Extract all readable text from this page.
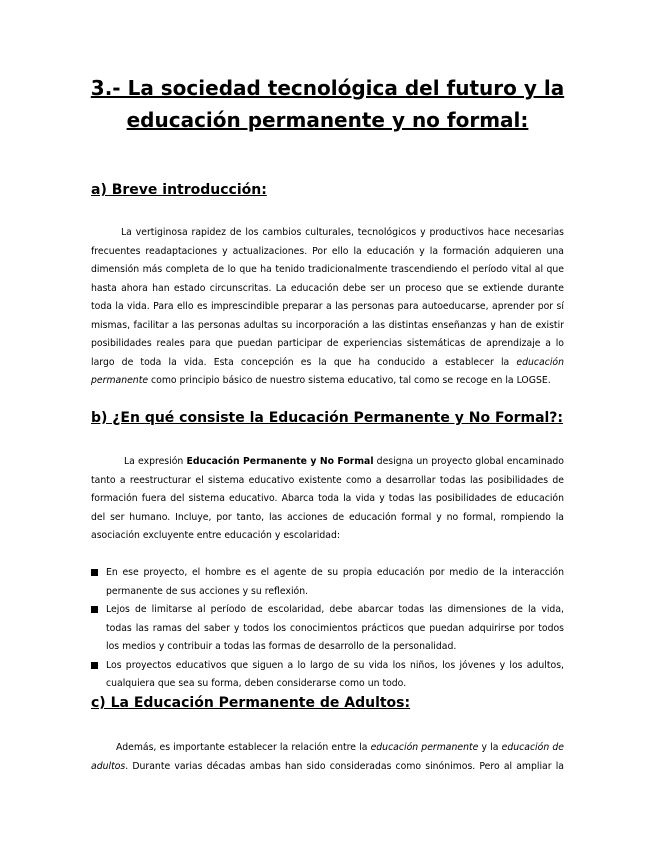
3.- La sociedad tecnológica del futuro y la
educación permanente y no formal:
a) Breve introducción:
La vertiginosa rapidez de los cambios culturales, tecnológicos y productivos hace necesarias
frecuentes readaptaciones y actualizaciones. Por ello la educación y la formación adquieren una
dimensión más completa de lo que ha tenido tradicionalmente trascendiendo el período vital al que
hasta ahora han estado circunscritas. La educación debe ser un proceso que se extiende durante
toda la vida. Para ello es imprescindible preparar a las personas para autoeducarse, aprender por sí
mismas, facilitar a las personas adultas su incorporación a las distintas enseñanzas y han de existir
posibilidades reales para que puedan participar de experiencias sistemáticas de aprendizaje a lo
largo de toda la vida. Esta concepción es la que ha conducido a establecer la educación
permanente como principio básico de nuestro sistema educativo, tal como se recoge en la LOGSE.
b) ¿En qué consiste la Educación Permanente y No Formal?:
La expresión Educación Permanente y No Formal designa un proyecto global encaminado
tanto a reestructurar el sistema educativo existente como a desarrollar todas las posibilidades de
formación fuera del sistema educativo. Abarca toda la vida y todas las posibilidades de educación
del ser humano. Incluye, por tanto, las acciones de educación formal y no formal, rompiendo la
asociación excluyente entre educación y escolaridad:
En ese proyecto, el hombre es el agente de su propia educación por medio de la interacción
permanente de sus acciones y su reflexión.
Lejos de limitarse al período de escolaridad, debe abarcar todas las dimensiones de la vida,
todas las ramas del saber y todos los conocimientos prácticos que puedan adquirirse por todos
los medios y contribuir a todas las formas de desarrollo de la personalidad.
Los proyectos educativos que siguen a lo largo de su vida los niños, los jóvenes y los adultos,
cualquiera que sea su forma, deben considerarse como un todo.
c) La Educación Permanente de Adultos:
Además, es importante establecer la relación entre la educación permanente y la educación de
adultos. Durante varias décadas ambas han sido consideradas como sinónimos. Pero al ampliar la
